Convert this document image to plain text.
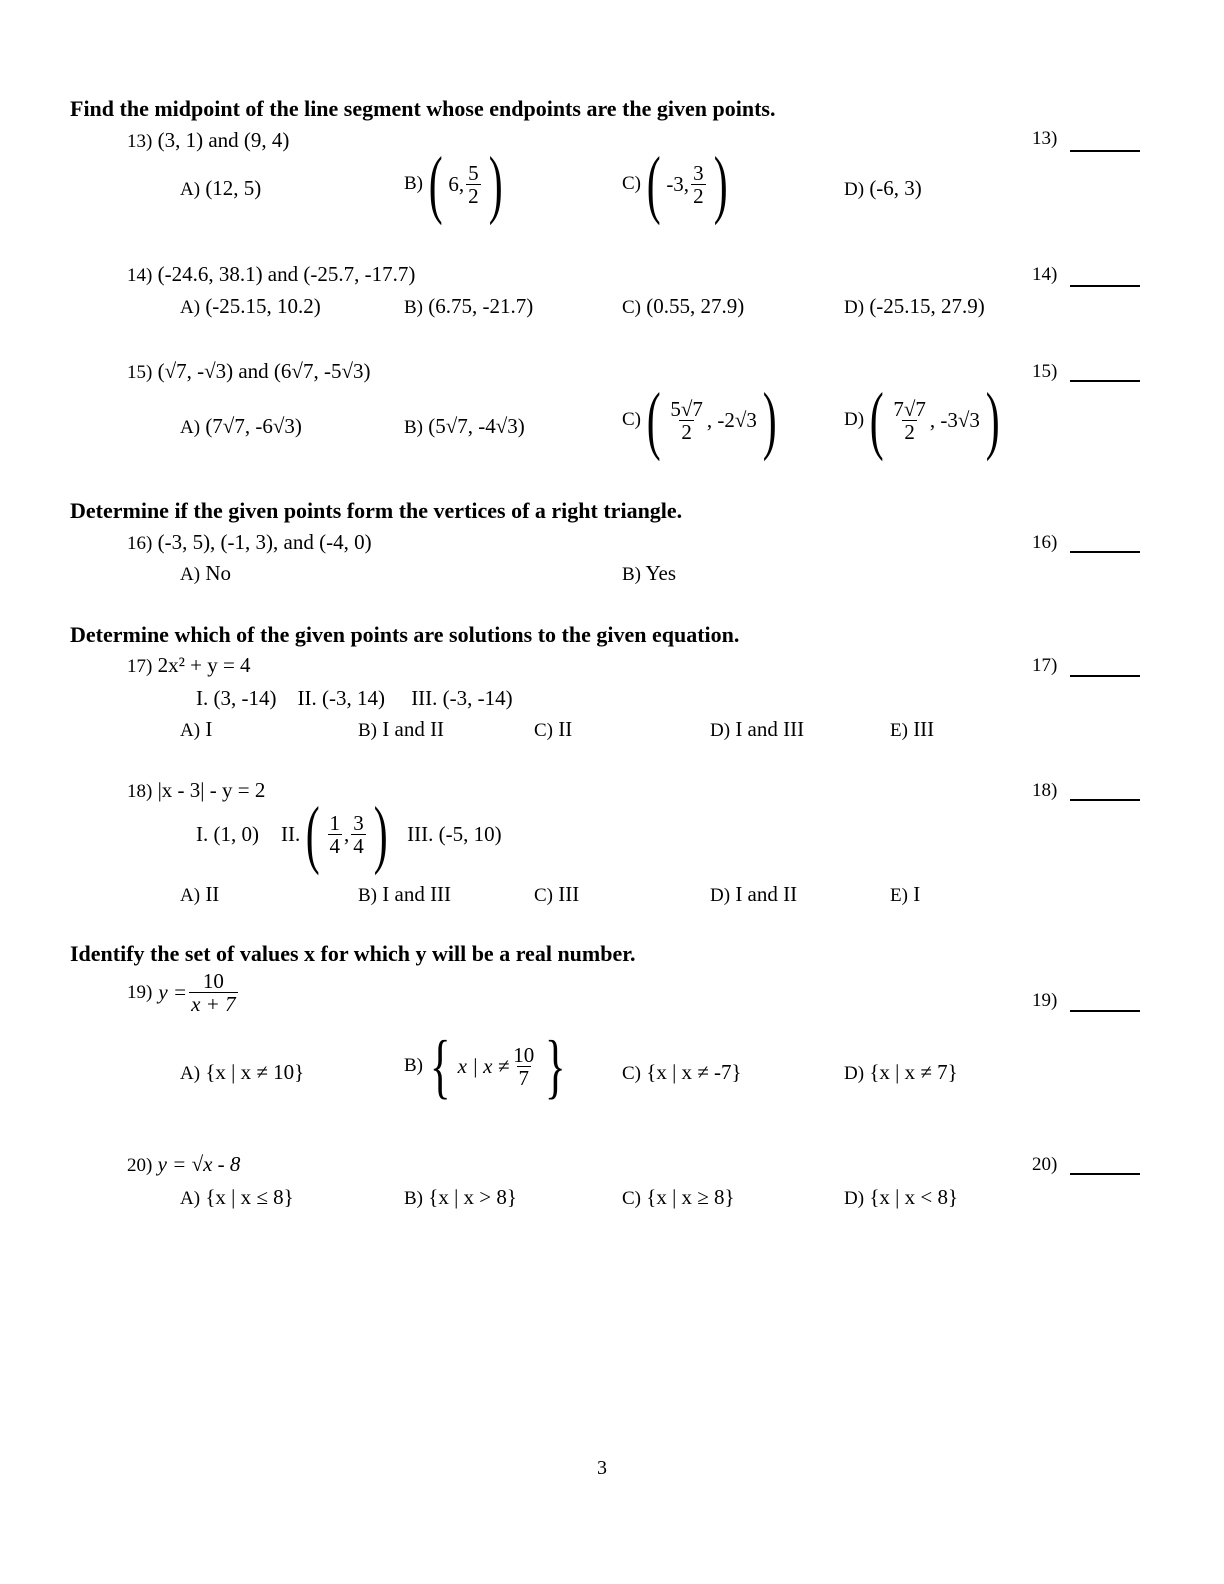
Find the midpoint of the line segment whose endpoints are the given points.
13) (3, 1) and (9, 4)	13)
A) (12, 5)	B) ( 6, $\frac{5}{2}$ )	C) ( -3, $\frac{3}{2}$ )	D) (-6, 3)
14) (-24.6, 38.1) and (-25.7, -17.7)	14)
A) (-25.15, 10.2)	B) (6.75, -21.7)	C) (0.55, 27.9)	D) (-25.15, 27.9)
15) (√7, -√3) and (6√7, -5√3)	15)
A) (7√7, -6√3)	B) (5√7, -4√3)	C) ( $\frac{5√7}{2}$ , -2√3 )	D) ( $\frac{7√7}{2}$ , -3√3 )
Determine if the given points form the vertices of a right triangle.
16) (-3, 5), (-1, 3), and (-4, 0)	16)
A) No	B) Yes
Determine which of the given points are solutions to the given equation.
17) 2x² + y = 4	17)
I. (3, -14)    II. (-3, 14)     III. (-3, -14)
A) I	B) I and II	C) II	D) I and III	E) III
18) |x - 3| - y = 2	18)
I. (1, 0) II. ( $\frac{1}{4}$ , $\frac{3}{4}$ ) III. (-5, 10)
A) II	B) I and III	C) III	D) I and II	E) I
Identify the set of values x for which y will be a real number.
19) $y = \frac{10}{x + 7}$	19)
A) {x | x ≠ 10}	B) { x | $x \ne \frac{10}{7}$ }	C) {x | x ≠ -7}	D) {x | x ≠ 7}
20) y = √x - 8	20)
A) {x | x ≤ 8}	B) {x | x > 8}	C) {x | x ≥ 8}	D) {x | x < 8}
3
